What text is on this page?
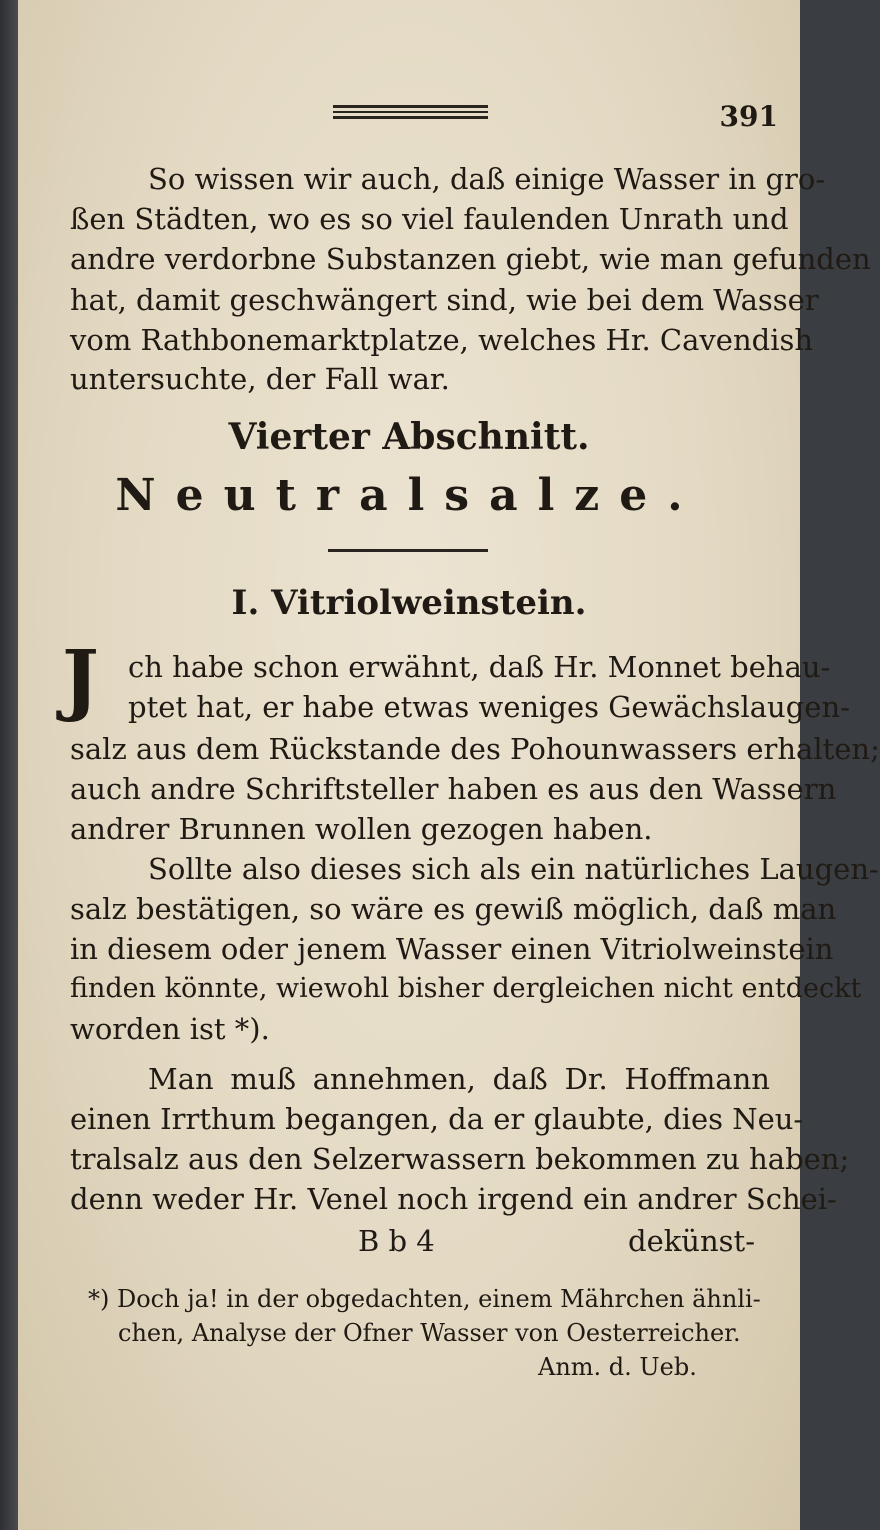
391
So wissen wir auch, daß einige Wasser in gro-
ßen Städten, wo es so viel faulenden Unrath und
andre verdorbne Substanzen giebt, wie man gefunden
hat, damit geschwängert sind, wie bei dem Wasser
vom Rathbonemarktplatze, welches Hr. Cavendish
untersuchte, der Fall war.
Vierter Abschnitt.
Neutralsalze.
I. Vitriolweinstein.
J ch habe schon erwähnt, daß Hr. Monnet behau-
ptet hat, er habe etwas weniges Gewächslaugen-
salz aus dem Rückstande des Pohounwassers erhalten;
auch andre Schriftsteller haben es aus den Wassern
andrer Brunnen wollen gezogen haben.
Sollte also dieses sich als ein natürliches Laugen-
salz bestätigen, so wäre es gewiß möglich, daß man
in diesem oder jenem Wasser einen Vitriolweinstein
finden könnte, wiewohl bisher dergleichen nicht entdeckt
worden ist *).
Man muß annehmen, daß Dr. Hoffmann
einen Irrthum begangen, da er glaubte, dies Neu-
tralsalz aus den Selzerwassern bekommen zu haben;
denn weder Hr. Venel noch irgend ein andrer Schei-
B b 4	dekünst-
*) Doch ja! in der obgedachten, einem Mährchen ähnli-
chen, Analyse der Ofner Wasser von Oesterreicher.
Anm. d. Ueb.
